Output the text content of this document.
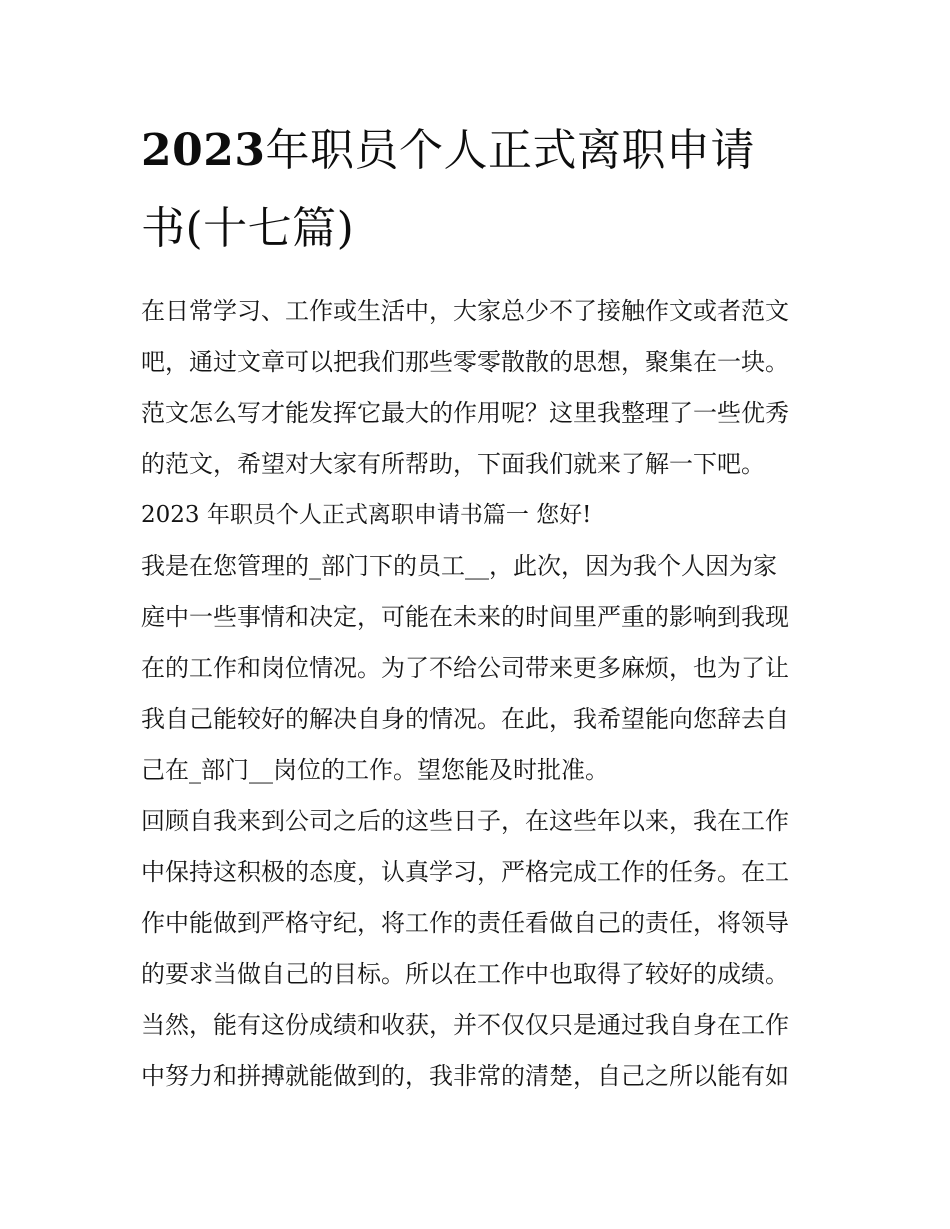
2023年职员个人正式离职申请
书(十七篇)
在日常学习、工作或生活中，大家总少不了接触作文或者范文
吧，通过文章可以把我们那些零零散散的思想，聚集在一块。
范文怎么写才能发挥它最大的作用呢？这里我整理了一些优秀
的范文，希望对大家有所帮助，下面我们就来了解一下吧。
2023 年职员个人正式离职申请书篇一 您好!
我是在您管理的_部门下的员工__，此次，因为我个人因为家
庭中一些事情和决定，可能在未来的时间里严重的影响到我现
在的工作和岗位情况。为了不给公司带来更多麻烦，也为了让
我自己能较好的解决自身的情况。在此，我希望能向您辞去自
己在_部门__岗位的工作。望您能及时批准。
回顾自我来到公司之后的这些日子，在这些年以来，我在工作
中保持这积极的态度，认真学习，严格完成工作的任务。在工
作中能做到严格守纪，将工作的责任看做自己的责任，将领导
的要求当做自己的目标。所以在工作中也取得了较好的成绩。
当然，能有这份成绩和收获，并不仅仅只是通过我自身在工作
中努力和拼搏就能做到的，我非常的清楚，自己之所以能有如
